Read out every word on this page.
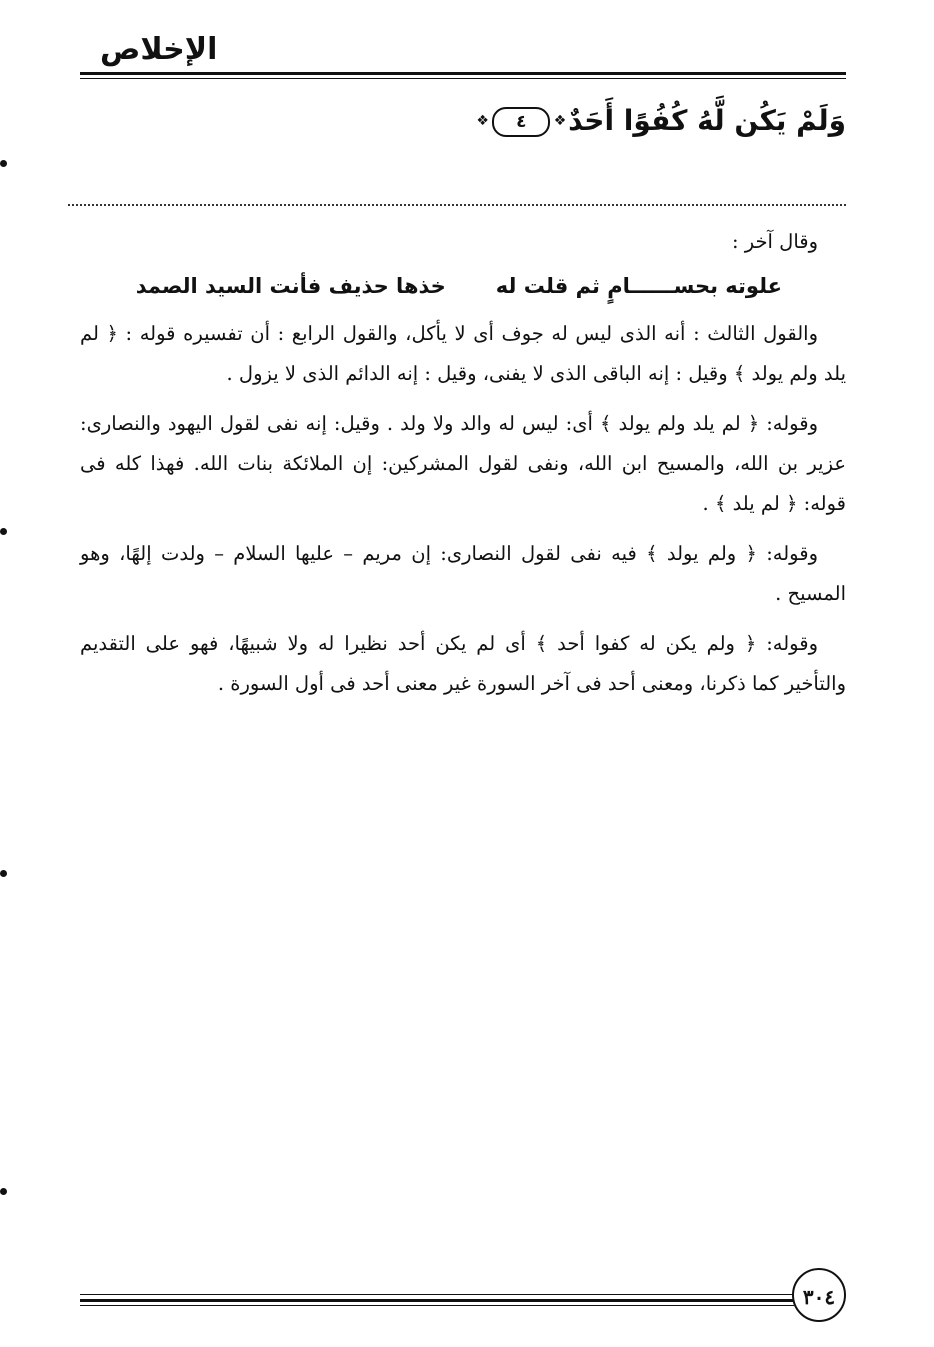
الإخلاص
وَلَمْ يَكُن لَّهُ كُفُوًا أَحَدٌ
❖
٤
❖

وقال آخر :

علوته بحســــــامٍ ثم قلت له
خذها حذيف فأنت السيد الصمد

والقول الثالث : أنه الذى ليس له جوف أى لا يأكل، والقول الرابع : أن تفسيره قوله : ﴿ لم يلد ولم يولد ﴾ وقيل : إنه الباقى الذى لا يفنى، وقيل : إنه الدائم الذى لا يزول .

وقوله: ﴿ لم يلد ولم يولد ﴾ أى: ليس له والد ولا ولد . وقيل: إنه نفى لقول اليهود والنصارى: عزير بن الله، والمسيح ابن الله، ونفى لقول المشركين: إن الملائكة بنات الله. فهذا كله فى قوله: ﴿ لم يلد ﴾ .

وقوله: ﴿ ولم يولد ﴾ فيه نفى لقول النصارى: إن مريم – عليها السلام – ولدت إلهًا، وهو المسيح .

وقوله: ﴿ ولم يكن له كفوا أحد ﴾ أى لم يكن أحد نظيرا له ولا شبيهًا، فهو على التقديم والتأخير كما ذكرنا، ومعنى أحد فى آخر السورة غير معنى أحد فى أول السورة .

٣٠٤
